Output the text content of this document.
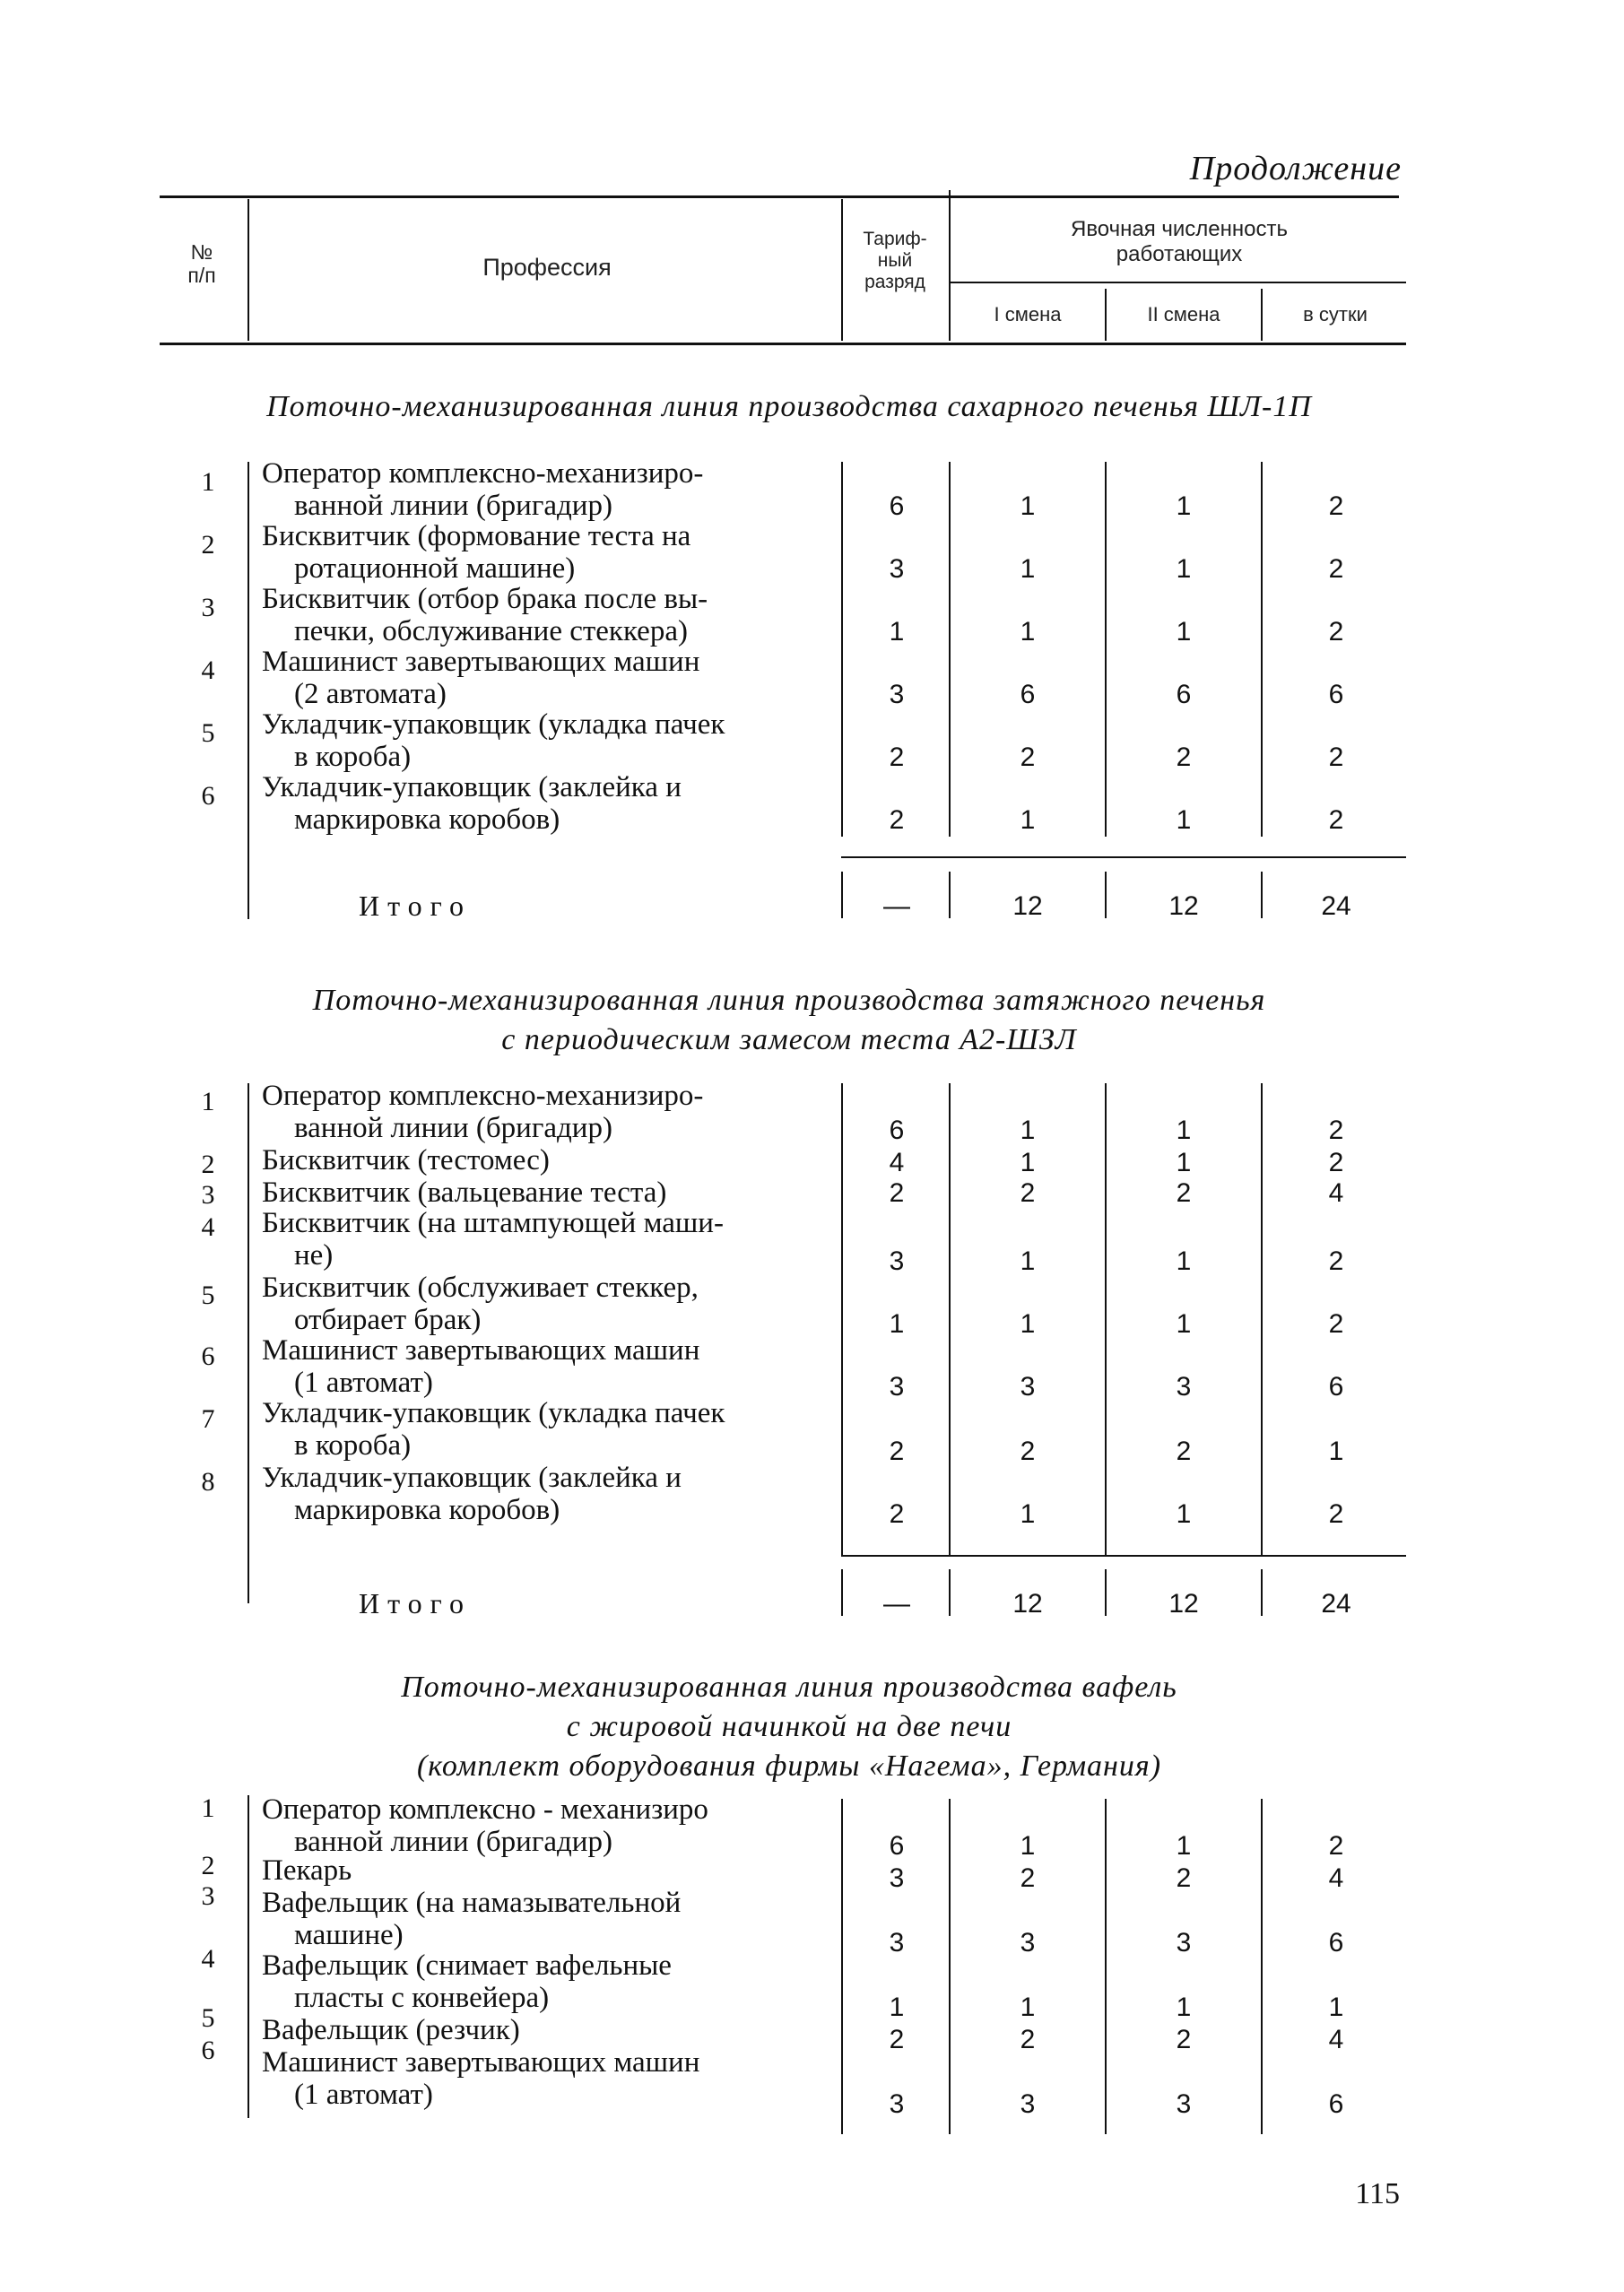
Продолжение
№
п/п	Профессия
Тариф-
ный
разряд
Явочная численность
работающих
I смена	II смена	в сутки
Поточно-механизированная линия производства сахарного печенья ШЛ-1П
1	Оператор комплексно-механизиро-
ванной линии (бригадир)	6	1	1	2
2	Бисквитчик (формование теста на
ротационной машине)	3	1	1	2
3	Бисквитчик (отбор брака после вы-
печки, обслуживание стеккера)	1	1	1	2
4	Машинист завертывающих машин
(2 автомата)	3	6	6	6
5	Укладчик-упаковщик (укладка пачек
в короба)	2	2	2	2
6	Укладчик-упаковщик (заклейка и
маркировка коробов)	2	1	1	2
Итого	—	12	12	24
Поточно-механизированная линия производства затяжного печенья
с периодическим замесом теста А2-ШЗЛ
1	Оператор комплексно-механизиро-
ванной линии (бригадир)	6	1	1	2
2	Бисквитчик (тестомес)	4	1	1	2
3	Бисквитчик (вальцевание теста)	2	2	2	4
4	Бисквитчик (на штампующей маши-
не)	3	1	1	2
5	Бисквитчик (обслуживает стеккер,
отбирает брак)	1	1	1	2
6	Машинист завертывающих машин
(1 автомат)	3	3	3	6
7	Укладчик-упаковщик (укладка пачек
в короба)	2	2	2	1
8	Укладчик-упаковщик (заклейка и
маркировка коробов)	2	1	1	2
Итого	—	12	12	24
Поточно-механизированная линия производства вафель
с жировой начинкой на две печи
(комплект оборудования фирмы «Нагема», Германия)
1	Оператор комплексно - механизиро
ванной линии (бригадир)	6	1	1	2
2	Пекарь	3	2	2	4
3	Вафельщик (на намазывательной
машине)	3	3	3	6
4	Вафельщик (снимает вафельные
пласты с конвейера)	1	1	1	1
5	Вафельщик (резчик)	2	2	2	4
6	Машинист завертывающих машин
(1 автомат)	3	3	3	6
115
